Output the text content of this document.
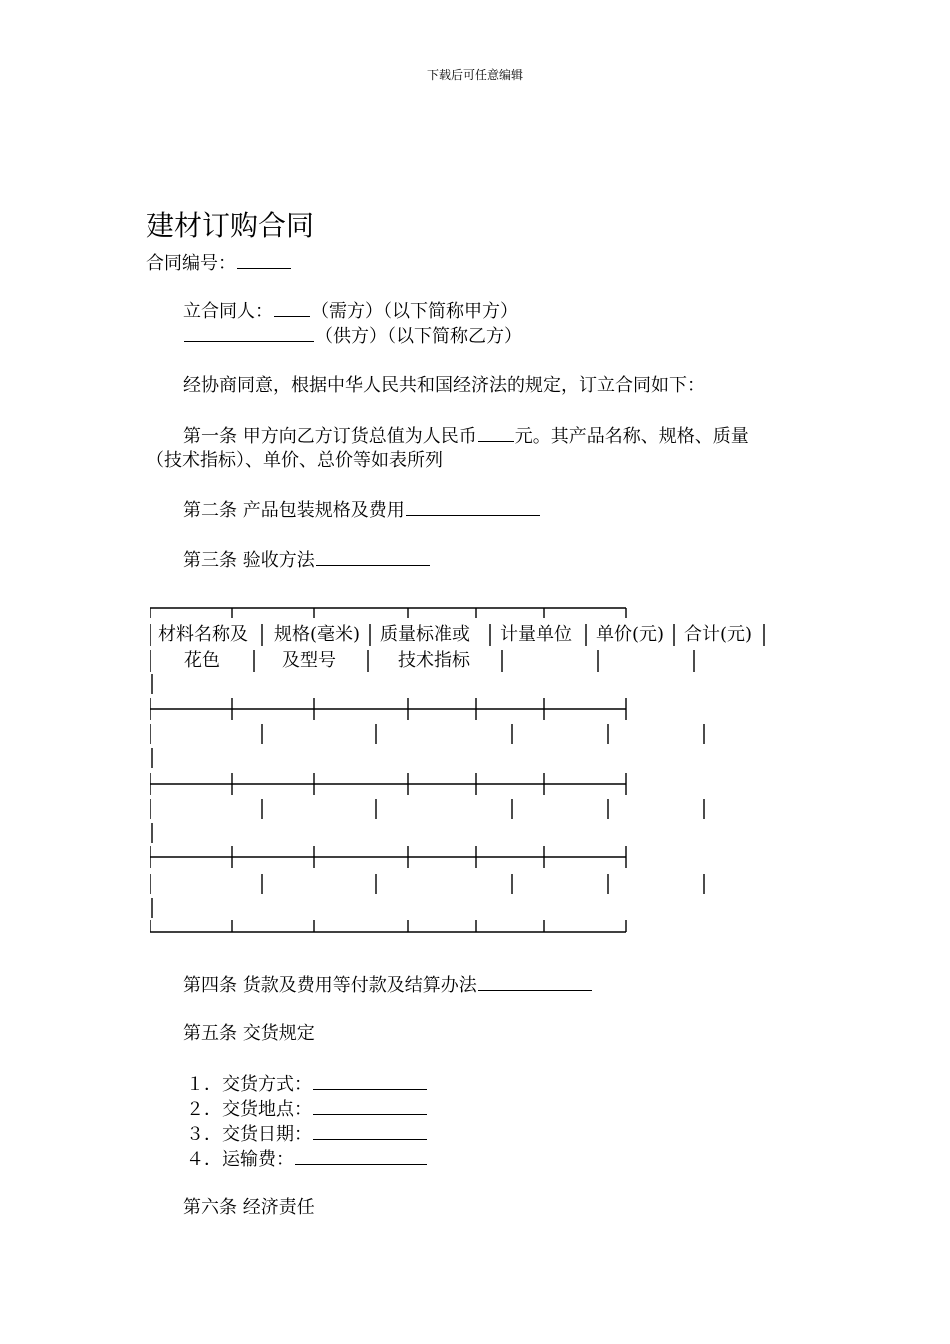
下载后可任意编辑
建材订购合同
合同编号：
立合同人： （需方）（以下简称甲方）
（供方）（以下简称乙方）
经协商同意，根据中华人民共和国经济法的规定，订立合同如下：
第一条 甲方向乙方订货总值为人民币 元。其产品名称、规格、质量
（技术指标）、单价、总价等如表所列
第二条 产品包装规格及费用
第三条 验收方法
材料名称及 规格(毫米) 质量标准或 计量单位 单价(元) 合计(元)
花色	及型号	技术指标
第四条 货款及费用等付款及结算办法
第五条 交货规定
１．交货方式：
２．交货地点：
３．交货日期：
４．运输费：
第六条 经济责任
